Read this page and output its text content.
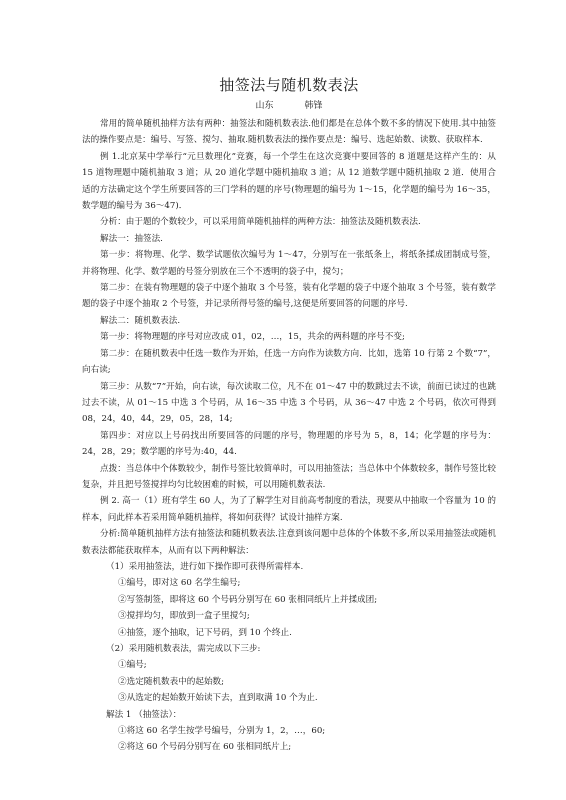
抽签法与随机数表法
山东	韩锋

常用的简单随机抽样方法有两种：抽签法和随机数表法.他们都是在总体个数不多的情况下使用.其中抽签法的操作要点是：编号、写签、搅匀、抽取.随机数表法的操作要点是：编号、选起始数、读数、获取样本.

例 1.北京某中学举行“元旦数理化”竞赛，每一个学生在这次竞赛中要回答的 8 道题是这样产生的：从 15 道物理题中随机抽取 3 道；从 20 道化学题中随机抽取 3 道；从 12 道数学题中随机抽取 2 道．使用合适的方法确定这个学生所要回答的三门学科的题的序号(物理题的编号为 1～15，化学题的编号为 16～35，数学题的编号为 36～47)．

分析：由于题的个数较少，可以采用简单随机抽样的两种方法：抽签法及随机数表法.

解法一：抽签法.

第一步：将物理、化学、数学试题依次编号为 1～47，分别写在一张纸条上，将纸条揉成团制成号签，并将物理、化学、数学题的号签分别放在三个不透明的袋子中，搅匀；

第二步：在装有物理题的袋子中逐个抽取 3 个号签，装有化学题的袋子中逐个抽取 3 个号签，装有数学题的袋子中逐个抽取 2 个号签，并记录所得号签的编号,这便是所要回答的问题的序号.

解法二：随机数表法.

第一步：将物理题的序号对应改成 01，02，…，15，共余的两科题的序号不变;

第二步：在随机数表中任选一数作为开始，任选一方向作为读数方向．比如，选第 10 行第 2 个数“7”，向右读;

第三步：从数“7”开始，向右读，每次读取二位，凡不在 01～47 中的数跳过去不读，前面已读过的也跳过去不读，从 01～15 中选 3 个号码，从 16～35 中选 3 个号码，从 36～47 中选 2 个号码，依次可得到 08，24，40，44，29，05，28，14;

第四步：对应以上号码找出所要回答的问题的序号，物理题的序号为 5，8，14；化学题的序号为：24，28，29；数学题的序号为:40，44.

点拨：当总体中个体数较少，制作号签比较简单时，可以用抽签法；当总体中个体数较多，制作号签比较复杂，并且把号签搅拌均匀比较困难的时候，可以用随机数表法.

例 2. 高一（1）班有学生 60 人，为了了解学生对目前高考制度的看法，现要从中抽取一个容量为 10 的样本，问此样本若采用简单随机抽样，将如何获得？试设计抽样方案.

分析:简单随机抽样方法有抽签法和随机数表法.注意到该问题中总体的个体数不多,所以采用抽签法或随机数表法都能获取样本，从而有以下两种解法：

（1）采用抽签法，进行如下操作即可获得所需样本.

①编号，即对这 60 名学生编号;

②写签制签，即将这 60 个号码分别写在 60 张相同纸片上并揉成团;

③搅拌均匀，即放到一盒子里搅匀;

④抽签，逐个抽取，记下号码，到 10 个终止.

（2）采用随机数表法，需完成以下三步:

①编号;

②选定随机数表中的起始数;

③从选定的起始数开始读下去，直到取满 10 个为止.

解法 1 （抽签法）：

①将这 60 名学生按学号编号，分别为 1，2，…，60;

②将这 60 个号码分别写在 60 张相同纸片上;
